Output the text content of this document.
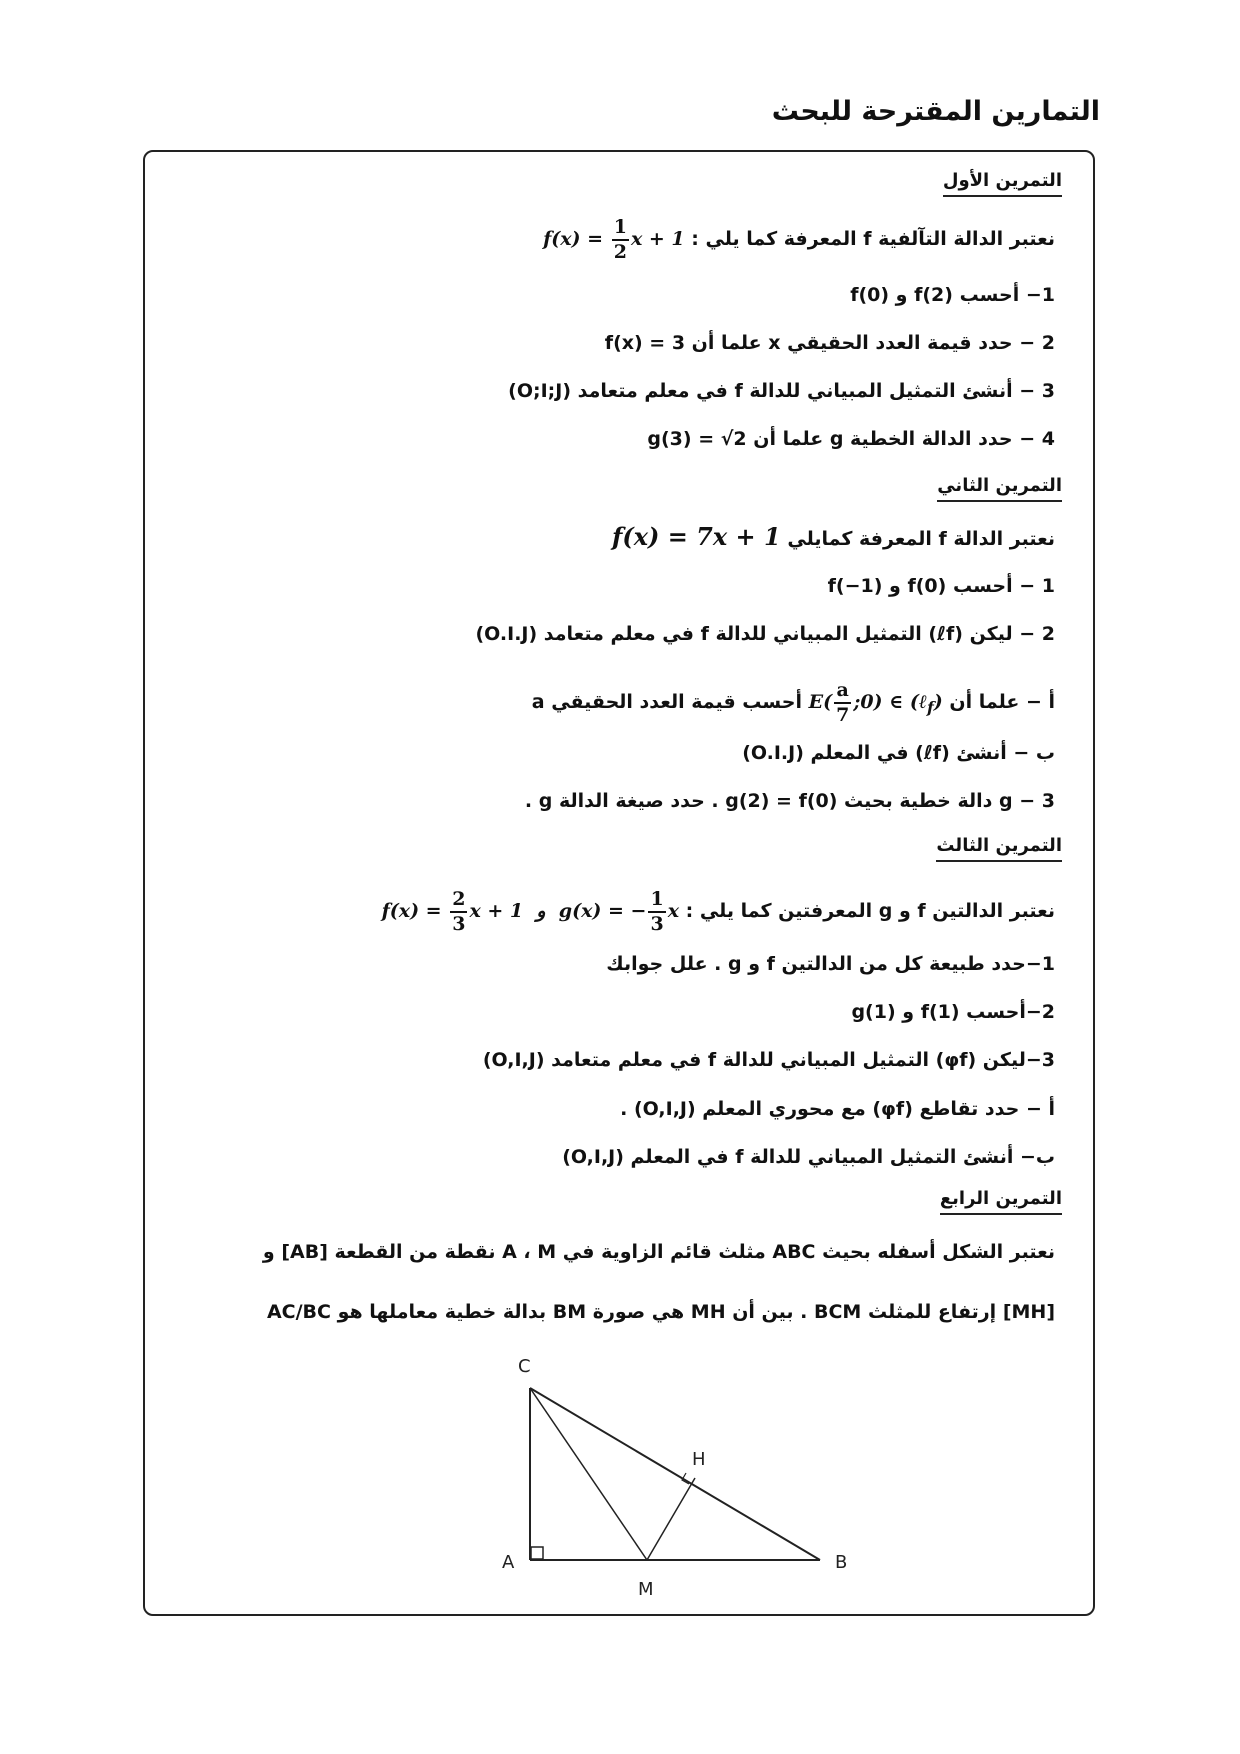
التمارين المقترحة للبحث
التمرين الأول
نعتبر الدالة التآلفية f المعرفة كما يلي : $f(x) = \frac{1}{2}$ x + 1
1− أحسب f(2) و f(0)
2 − حدد قيمة العدد الحقيقي x علما أن f(x) = 3
3 − أنشئ التمثيل المبياني للدالة f في معلم متعامد (O;I;J)
4 − حدد الدالة الخطية g علما أن g(3) = √2
التمرين الثاني
نعتبر الدالة f المعرفة كمايلي f(x) = 7x + 1
1 − أحسب f(0) و f(−1)
2 − ليكن (ℓf) التمثيل المبياني للدالة f في معلم متعامد (O.I.J)
أ − علما أن $E( \frac{a}{7}$ ;0) ∈ (ℓ$_f$) أحسب قيمة العدد الحقيقي a
ب − أنشئ (ℓf) في المعلم (O.I.J)
3 − g دالة خطية بحيث g(2) = f(0) . حدد صيغة الدالة g .
التمرين الثالث
نعتبر الدالتين f و g المعرفتين كما يلي : $f(x) = \frac{2}{3}$ x + 1  و  g(x) = − $\frac{1}{3}$ x
1−حدد طبيعة كل من الدالتين f و g . علل جوابك
2−أحسب f(1) و g(1)
3−ليكن (φf) التمثيل المبياني للدالة f في معلم متعامد (O,I,J)
أ − حدد تقاطع (φf) مع محوري المعلم (O,I,J) .
ب− أنشئ التمثيل المبياني للدالة f في المعلم (O,I,J)
التمرين الرابع
نعتبر الشكل أسفله بحيث ABC مثلث قائم الزاوية في A ، M نقطة من القطعة [AB] و
[MH] إرتفاع للمثلث BCM . بين أن MH هي صورة BM بدالة خطية معاملها هو AC/BC
C
H
A	B
M
